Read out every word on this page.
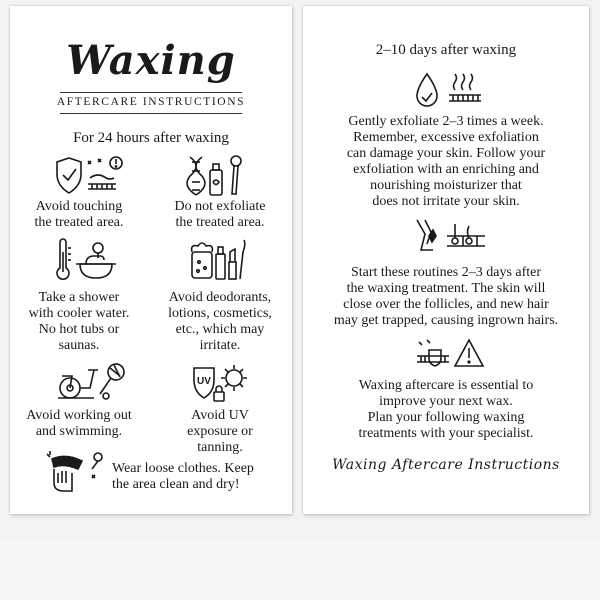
Waxing
AFTERCARE INSTRUCTIONS
For 24 hours after waxing
Avoid touching
the treated area.
Do not exfoliate
the treated area.
Take a shower
with cooler water.
No hot tubs or
saunas.
Avoid deodorants,
lotions, cosmetics,
etc., which may
irritate.
Avoid working out
and swimming.
UV
Avoid UV
exposure or
tanning.
Wear loose clothes. Keep
the area clean and dry!
2–10 days after waxing
Gently exfoliate 2–3 times a week.
Remember, excessive exfoliation
can damage your skin. Follow your
exfoliation with an enriching and
nourishing moisturizer that
does not irritate your skin.
Start these routines 2–3 days after
the waxing treatment. The skin will
close over the follicles, and new hair
may get trapped, causing ingrown hairs.
Waxing aftercare is essential to
improve your next wax.
Plan your following waxing
treatments with your specialist.
Waxing Aftercare Instructions
